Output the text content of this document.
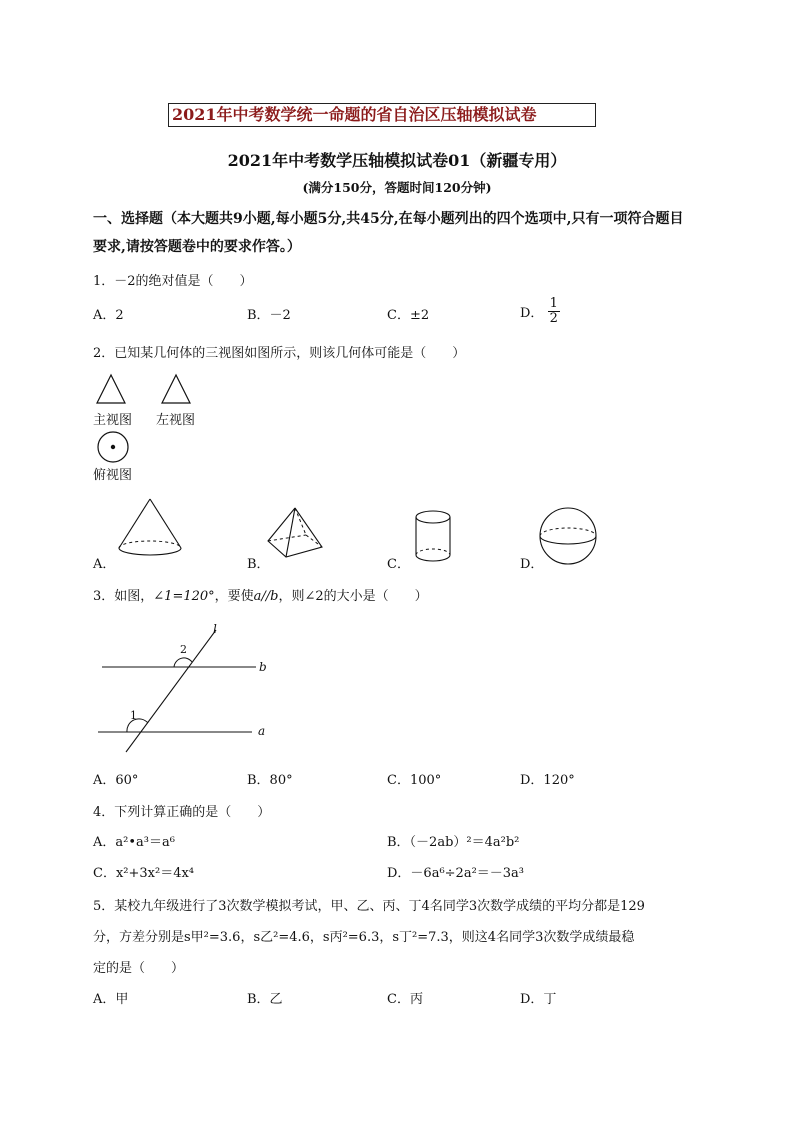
2021年中考数学统一命题的省自治区压轴模拟试卷
2021年中考数学压轴模拟试卷01（新疆专用）
(满分150分，答题时间120分钟)
一、选择题（本大题共9小题,每小题5分,共45分,在每小题列出的四个选项中,只有一项符合题目
要求,请按答题卷中的要求作答。）
1．－2的绝对值是（　　）
A．2	B．－2	C．±2	D． $\frac{1}{2}$
2．已知某几何体的三视图如图所示，则该几何体可能是（　　）
主视图 左视图
俯视图
A．	B．	C．	D．
3．如图，∠1=120°，要使a//b，则∠2的大小是（　　）
l
2
b
1
a
A．60°	B．80°	C．100°	D．120°
4．下列计算正确的是（　　）
A．a²•a³＝a⁶	B．（－2ab）²＝4a²b²
C．x²+3x²＝4x⁴	D．－6a⁶÷2a²＝－3a³
5．某校九年级进行了3次数学模拟考试，甲、乙、丙、丁4名同学3次数学成绩的平均分都是129
分，方差分别是s甲²=3.6，s乙²=4.6，s丙²=6.3，s丁²=7.3，则这4名同学3次数学成绩最稳
定的是（　　）
A．甲	B．乙	C．丙	D．丁
